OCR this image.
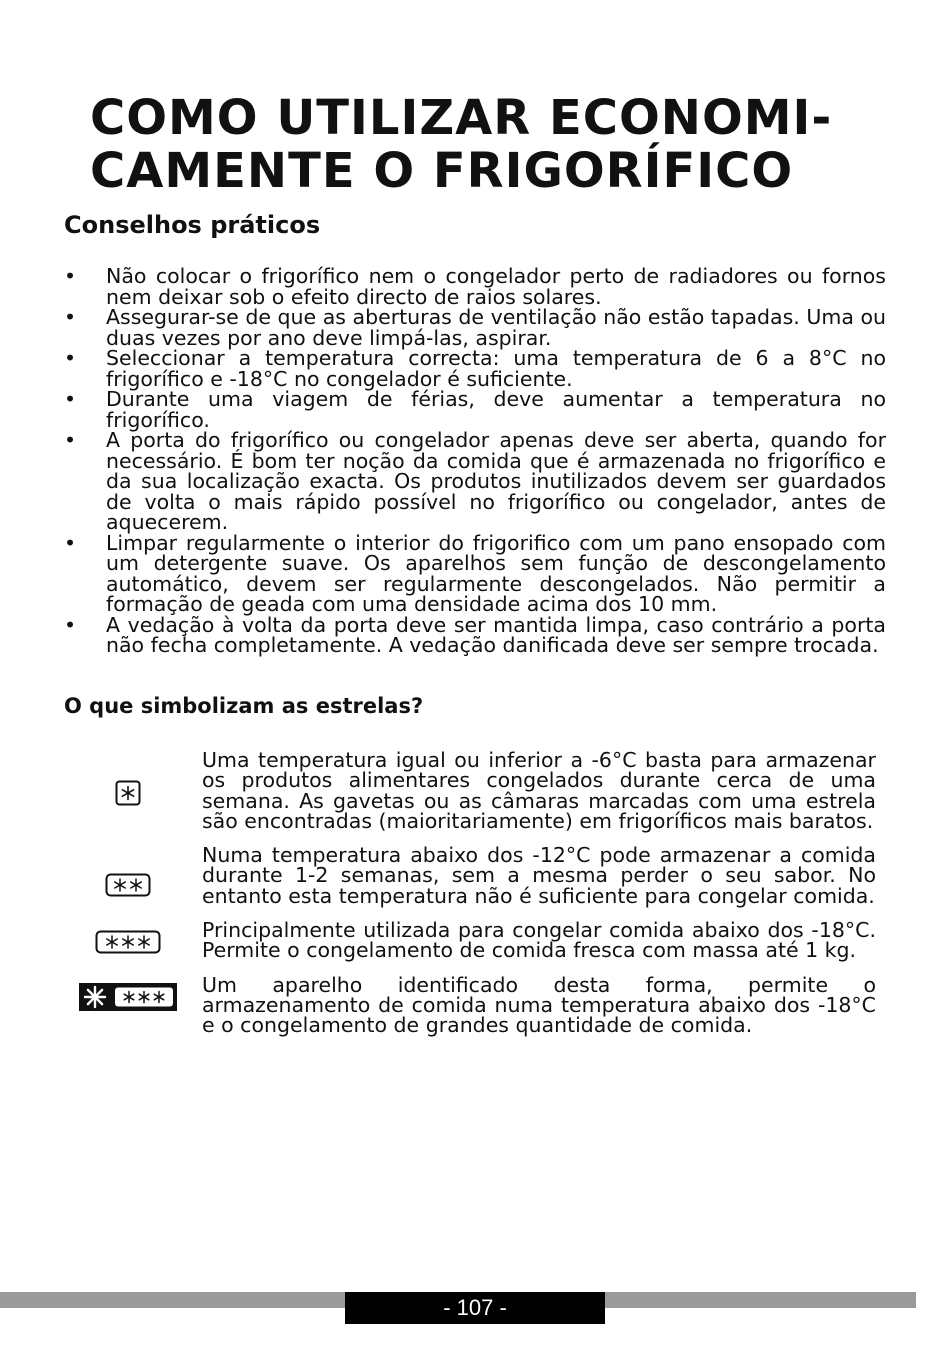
COMO UTILIZAR ECONOMI-
CAMENTE O FRIGORÍFICO
Conselhos práticos
• Não colocar o frigorífico nem o congelador perto de radiadores ou fornos nem deixar sob o efeito directo de raios solares.
• Assegurar-se de que as aberturas de ventilação não estão tapadas. Uma ou duas vezes por ano deve limpá-las, aspirar.
• Seleccionar a temperatura correcta: uma temperatura de 6 a 8°C no frigorífico e -18°C no congelador é suficiente.
• Durante uma viagem de férias, deve aumentar a temperatura no frigorífico.
• A porta do frigorífico ou congelador apenas deve ser aberta, quando for necessário. É bom ter noção da comida que é armazenada no frigorífico e da sua localização exacta. Os produtos inutilizados devem ser guardados de volta o mais rápido possível no frigorífico ou congelador, antes de aquecerem.
• Limpar regularmente o interior do frigorifico com um pano ensopado com um detergente suave. Os aparelhos sem função de descongelamento automático, devem ser regularmente descongelados. Não permitir a formação de geada com uma densidade acima dos 10 mm.
• A vedação à volta da porta deve ser mantida limpa, caso contrário a porta não fecha completamente. A vedação danificada deve ser sempre trocada.
O que simbolizam as estrelas?
Uma temperatura igual ou inferior a -6°C basta para armazenar os produtos alimentares congelados durante cerca de uma semana. As gavetas ou as câmaras marcadas com uma estrela são encontradas (maioritariamente) em frigoríficos mais baratos.
Numa temperatura abaixo dos -12°C pode armazenar a comida durante 1-2 semanas, sem a mesma perder o seu sabor. No entanto esta temperatura não é suficiente para congelar comida.
Principalmente utilizada para congelar comida abaixo dos -18°C. Permite o congelamento de comida fresca com massa até 1 kg.
Um aparelho identificado desta forma, permite o armazenamento de comida numa temperatura abaixo dos -18°C e o congelamento de grandes quantidade de comida.
- 107 -
